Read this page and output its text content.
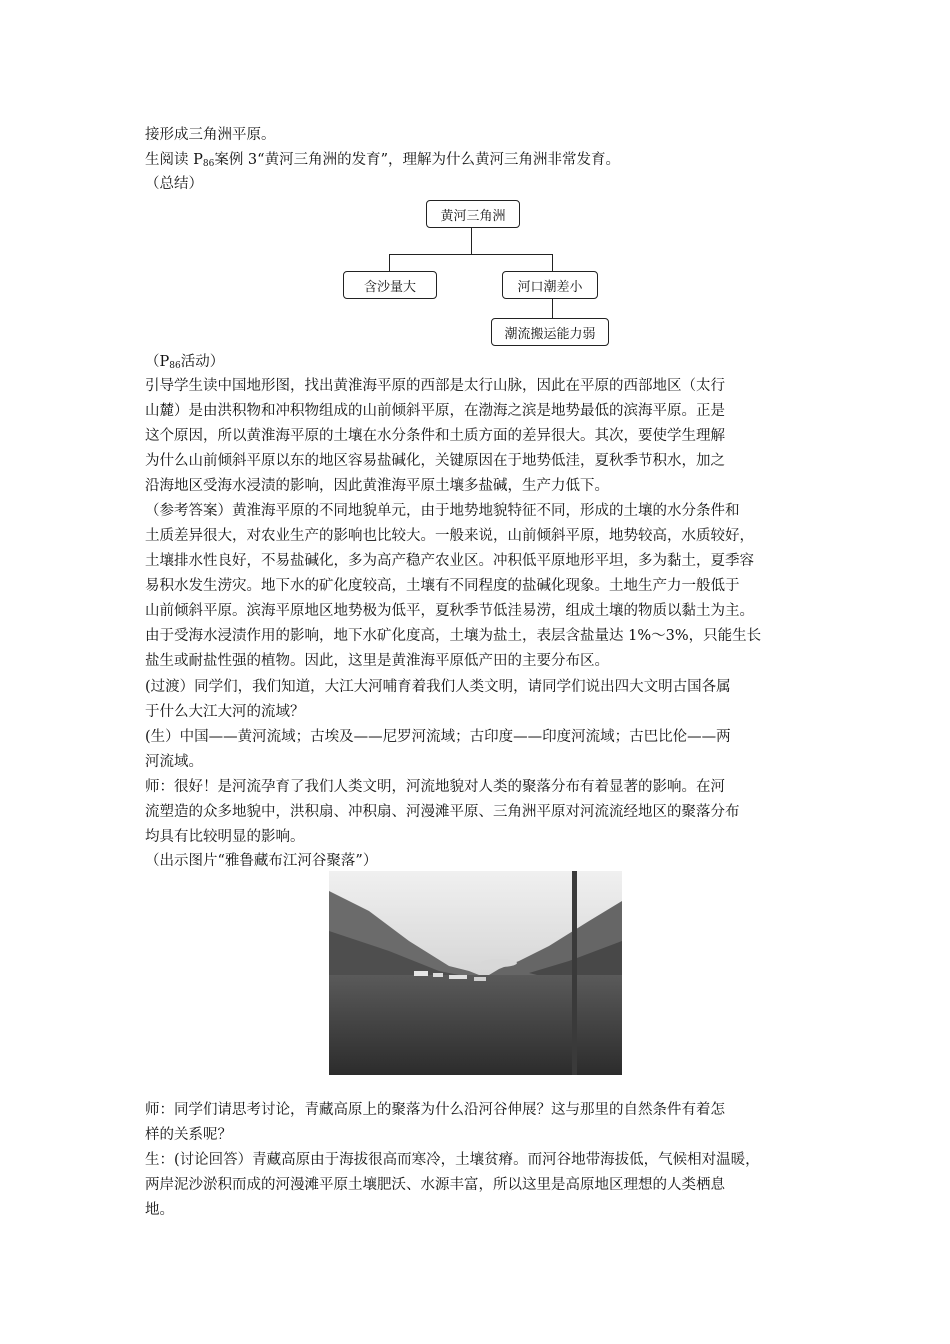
接形成三角洲平原。
生阅读 $P_{86}$案例 3“黄河三角洲的发育”，理解为什么黄河三角洲非常发育。
（总结）
黄河三角洲
含沙量大	河口潮差小
潮流搬运能力弱
（$P_{86}$活动）
引导学生读中国地形图，找出黄淮海平原的西部是太行山脉，因此在平原的西部地区（太行
山麓）是由洪积物和冲积物组成的山前倾斜平原，在渤海之滨是地势最低的滨海平原。正是
这个原因，所以黄淮海平原的土壤在水分条件和土质方面的差异很大。其次，要使学生理解
为什么山前倾斜平原以东的地区容易盐碱化，关键原因在于地势低洼，夏秋季节积水，加之
沿海地区受海水浸渍的影响，因此黄淮海平原土壤多盐碱，生产力低下。
（参考答案）黄淮海平原的不同地貌单元，由于地势地貌特征不同，形成的土壤的水分条件和
土质差异很大，对农业生产的影响也比较大。一般来说，山前倾斜平原，地势较高，水质较好，
土壤排水性良好，不易盐碱化，多为高产稳产农业区。冲积低平原地形平坦，多为黏土，夏季容
易积水发生涝灾。地下水的矿化度较高，土壤有不同程度的盐碱化现象。土地生产力一般低于
山前倾斜平原。滨海平原地区地势极为低平，夏秋季节低洼易涝，组成土壤的物质以黏土为主。
由于受海水浸渍作用的影响，地下水矿化度高，土壤为盐土，表层含盐量达 1%～3%，只能生长
盐生或耐盐性强的植物。因此，这里是黄淮海平原低产田的主要分布区。
(过渡）同学们，我们知道，大江大河哺育着我们人类文明，请同学们说出四大文明古国各属
于什么大江大河的流域？
(生）中国——黄河流域；古埃及——尼罗河流域；古印度——印度河流域；古巴比伦——两
河流域。
师：很好！是河流孕育了我们人类文明，河流地貌对人类的聚落分布有着显著的影响。在河
流塑造的众多地貌中，洪积扇、冲积扇、河漫滩平原、三角洲平原对河流流经地区的聚落分布
均具有比较明显的影响。
（出示图片“雅鲁藏布江河谷聚落”）
师：同学们请思考讨论，青藏高原上的聚落为什么沿河谷伸展？这与那里的自然条件有着怎
样的关系呢？
生：(讨论回答）青藏高原由于海拔很高而寒冷，土壤贫瘠。而河谷地带海拔低，气候相对温暖，
两岸泥沙淤积而成的河漫滩平原土壤肥沃、水源丰富，所以这里是高原地区理想的人类栖息
地。
